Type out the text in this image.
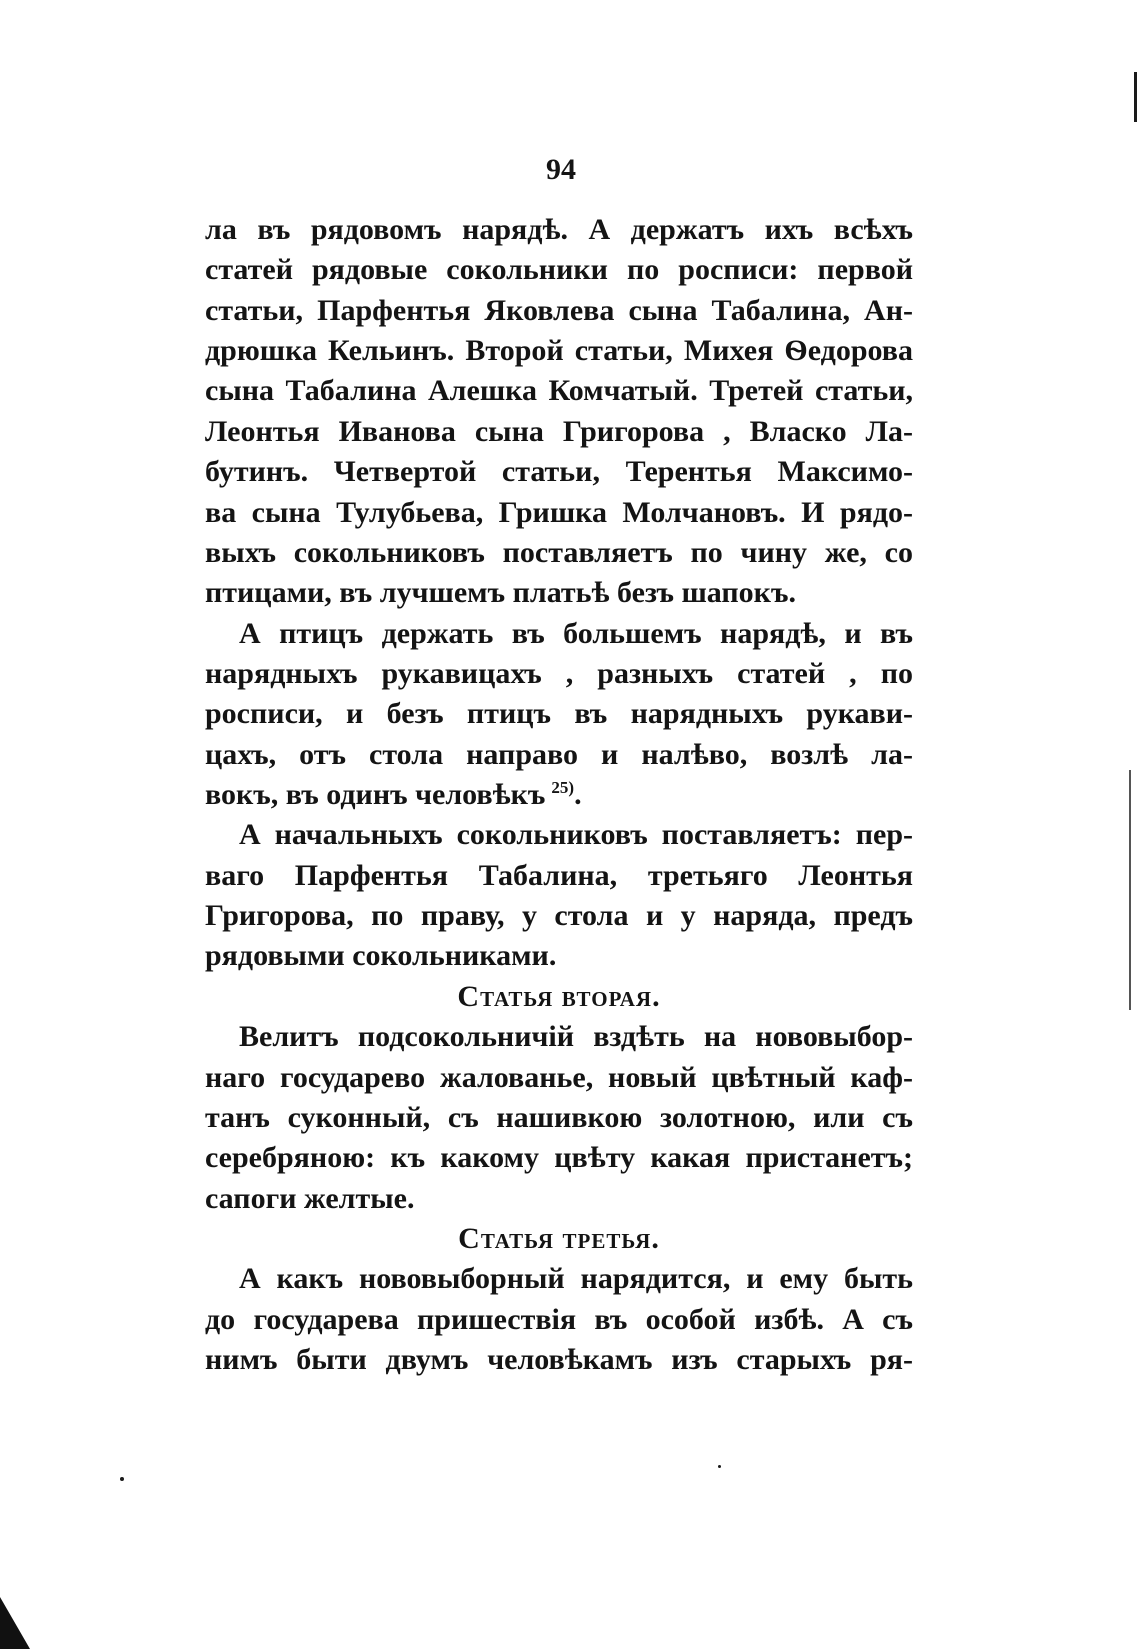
94
ла въ рядовомъ нарядѣ. А держатъ ихъ всѣхъ
статей рядовые сокольники по росписи: первой
статьи, Парфентья Яковлева сына Табалина, Ан-
дрюшка Кельинъ. Второй статьи, Михея Ѳедорова
сына Табалина Алешка Комчатый. Третей статьи,
Леонтья Иванова сына Григорова , Власко Ла-
бутинъ. Четвертой статьи, Терентья Максимо-
ва сына Тулубьева, Гришка Молчановъ. И рядо-
выхъ сокольниковъ поставляетъ по чину же, со
птицами, въ лучшемъ платьѣ безъ шапокъ.
А птицъ держать въ большемъ нарядѣ, и въ
нарядныхъ рукавицахъ , разныхъ статей , по
росписи, и безъ птицъ въ нарядныхъ рукави-
цахъ, отъ стола направо и налѣво, возлѣ ла-
вокъ, въ одинъ человѣкъ $^{25)}$.
А начальныхъ сокольниковъ поставляетъ: пер-
ваго Парфентья Табалина, третьяго Леонтья
Григорова, по праву, у стола и у наряда, предъ
рядовыми сокольниками.
Статья вторая.
Велитъ подсокольничій вздѣть на нововыбор-
наго государево жалованье, новый цвѣтный каф-
танъ суконный, съ нашивкою золотною, или съ
серебряною: къ какому цвѣту какая пристанетъ;
сапоги желтые.
Статья третья.
А какъ нововыборный нарядится, и ему быть
до государева пришествія въ особой избѣ. А съ
нимъ быти двумъ человѣкамъ изъ старыхъ ря-
